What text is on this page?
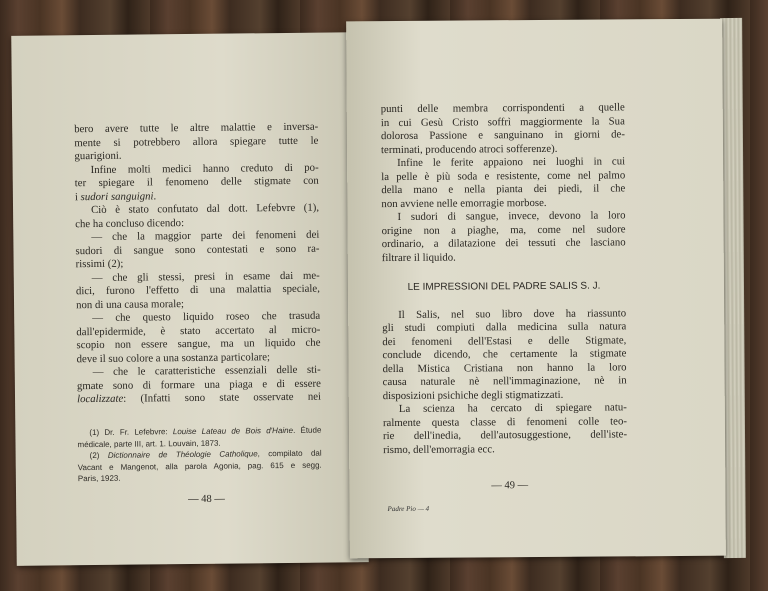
bero avere tutte le altre malattie e inversa-
mente si potrebbero allora spiegare tutte le
guarigioni.
Infine molti medici hanno creduto di po-
ter spiegare il fenomeno delle stigmate con
i sudori sanguigni.
Ciò è stato confutato dal dott. Lefebvre (1),
che ha concluso dicendo:
— che la maggior parte dei fenomeni dei
sudori di sangue sono contestati e sono ra-
rissimi (2);
— che gli stessi, presi in esame dai me-
dici, furono l'effetto di una malattia speciale,
non di una causa morale;
— che questo liquido roseo che trasuda
dall'epidermide, è stato accertato al micro-
scopio non essere sangue, ma un liquido che
deve il suo colore a una sostanza particolare;
— che le caratteristiche essenziali delle sti-
gmate sono di formare una piaga e di essere
localizzate: (Infatti sono state osservate nei
(1) Dr. Fr. Lefebvre: Louise Lateau de Bois d'Haine. Étude
médicale, parte III, art. 1. Louvain, 1873.
(2) Dictionnaire de Théologie Catholique, compilato dal
Vacant e Mangenot, alla parola Agonia, pag. 615 e segg.
Paris, 1923.
— 48 —
punti delle membra corrispondenti a quelle
in cui Gesù Cristo soffrì maggiormente la Sua
dolorosa Passione e sanguinano in giorni de-
terminati, producendo atroci sofferenze).
Infine le ferite appaiono nei luoghi in cui
la pelle è più soda e resistente, come nel palmo
della mano e nella pianta dei piedi, il che
non avviene nelle emorragie morbose.
I sudori di sangue, invece, devono la loro
origine non a piaghe, ma, come nel sudore
ordinario, a dilatazione dei tessuti che lasciano
filtrare il liquido.
LE IMPRESSIONI DEL PADRE SALIS S. J.
Il Salis, nel suo libro dove ha riassunto
gli studi compiuti dalla medicina sulla natura
dei fenomeni dell'Estasi e delle Stigmate,
conclude dicendo, che certamente la stigmate
della Mistica Cristiana non hanno la loro
causa naturale nè nell'immaginazione, nè in
disposizioni psichiche degli stigmatizzati.
La scienza ha cercato di spiegare natu-
ralmente questa classe di fenomeni colle teo-
rie dell'inedia, dell'autosuggestione, dell'iste-
rismo, dell'emorragia ecc.
— 49 —
Padre Pio — 4
